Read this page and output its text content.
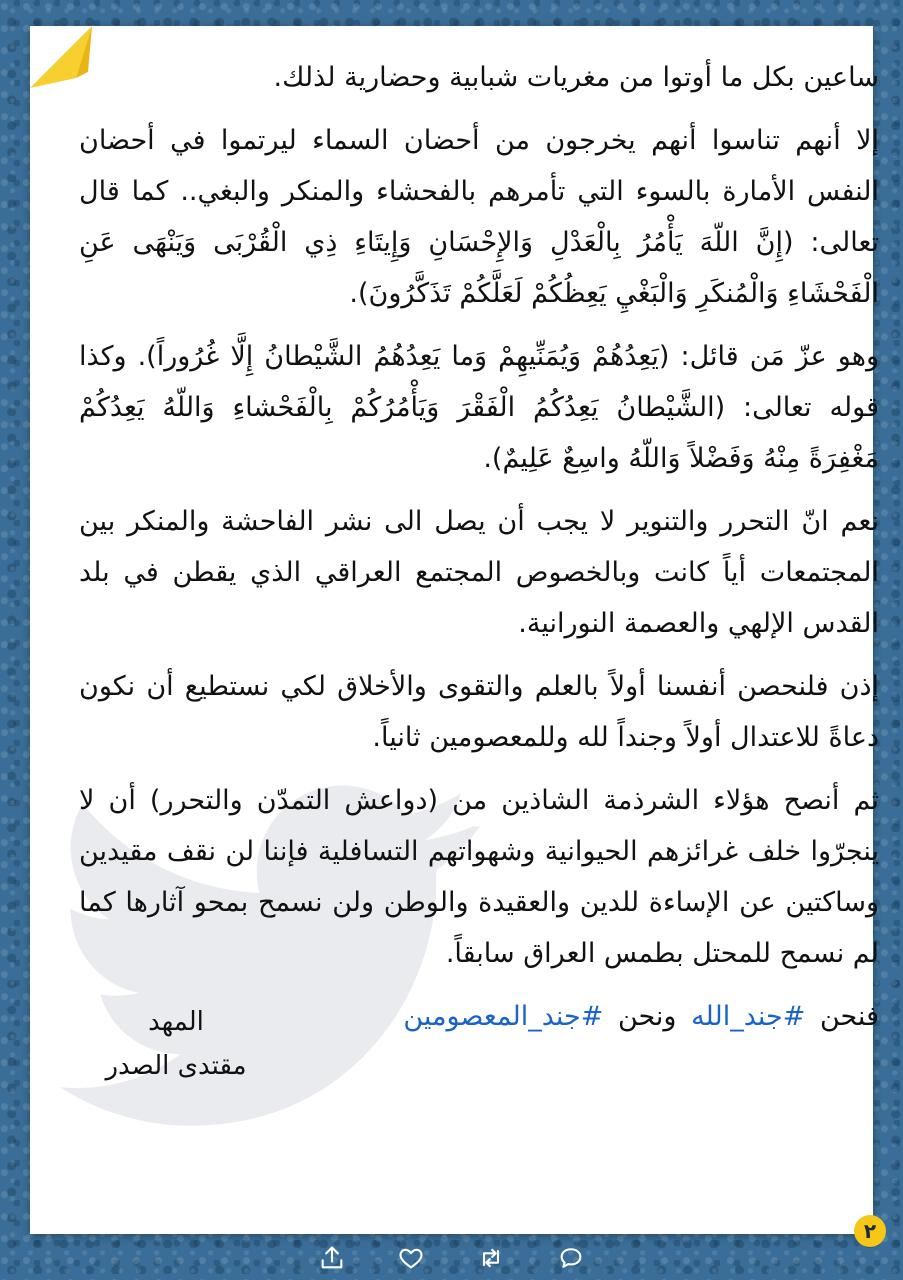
ساعين بكل ما أوتوا من مغريات شبابية وحضارية لذلك.

إلا أنهم تناسوا أنهم يخرجون من أحضان السماء ليرتموا في أحضان النفس الأمارة بالسوء التي تأمرهم بالفحشاء والمنكر والبغي.. كما قال تعالى: (إِنَّ اللّهَ يَأْمُرُ بِالْعَدْلِ وَالإِحْسَانِ وَإِيتَاءِ ذِي الْقُرْبَى وَيَنْهَى عَنِ الْفَحْشَاءِ وَالْمُنكَرِ وَالْبَغْيِ يَعِظُكُمْ لَعَلَّكُمْ تَذَكَّرُونَ).

وهو عزّ مَن قائل: (يَعِدُهُمْ وَيُمَنِّيهِمْ وَما يَعِدُهُمُ الشَّيْطانُ إِلَّا غُرُوراً). وكذا قوله تعالى: (الشَّيْطانُ يَعِدُكُمُ الْفَقْرَ وَيَأْمُرُكُمْ بِالْفَحْشاءِ وَاللّهُ يَعِدُكُمْ مَغْفِرَةً مِنْهُ وَفَضْلاً وَاللّهُ واسِعٌ عَلِيمٌ).

نعم انّ التحرر والتنوير لا يجب أن يصل الى نشر الفاحشة والمنكر بين المجتمعات أياً كانت وبالخصوص المجتمع العراقي الذي يقطن في بلد القدس الإلهي والعصمة النورانية.

إذن فلنحصن أنفسنا أولاً بالعلم والتقوى والأخلاق لكي نستطيع أن نكون دعاةً للاعتدال أولاً وجنداً لله وللمعصومين ثانياً.

ثم أنصح هؤلاء الشرذمة الشاذين من (دواعش التمدّن والتحرر) أن لا ينجرّوا خلف غرائزهم الحيوانية وشهواتهم التسافلية فإننا لن نقف مقيدين وساكتين عن الإساءة للدين والعقيدة والوطن ولن نسمح بمحو آثارها كما لم نسمح للمحتل بطمس العراق سابقاً.

فنحن #جند_الله ونحن #جند_المعصومين

المهد
مقتدى الصدر
٢
